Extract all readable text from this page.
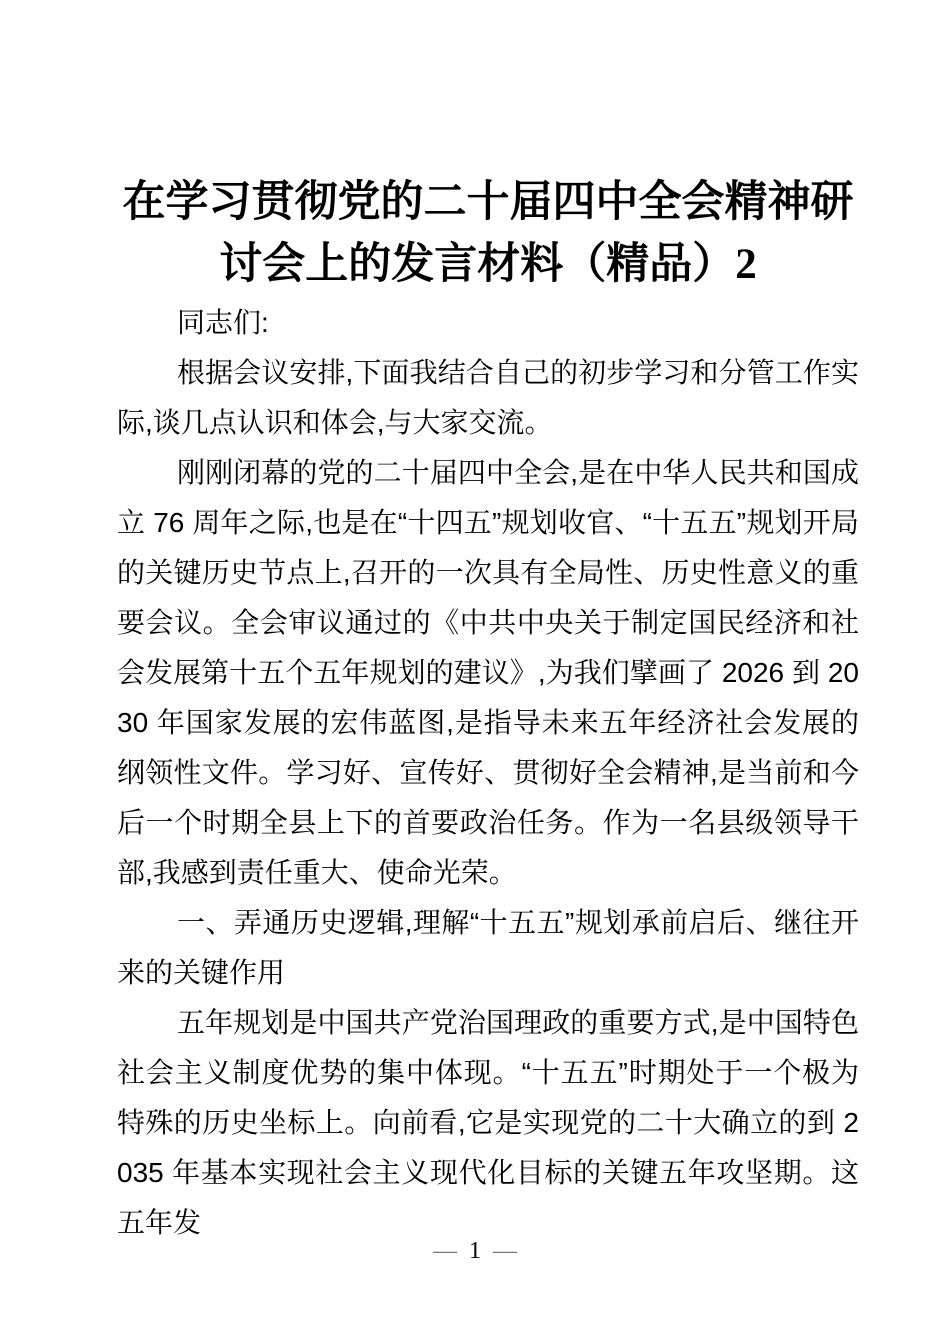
在学习贯彻党的二十届四中全会精神研讨会上的发言材料（精品）2

同志们:

根据会议安排,下面我结合自己的初步学习和分管工作实际,谈几点认识和体会,与大家交流。

刚刚闭幕的党的二十届四中全会,是在中华人民共和国成立 76 周年之际,也是在“十四五”规划收官、“十五五”规划开局的关键历史节点上,召开的一次具有全局性、历史性意义的重要会议。全会审议通过的《中共中央关于制定国民经济和社会发展第十五个五年规划的建议》,为我们擘画了 2026 到 2030 年国家发展的宏伟蓝图,是指导未来五年经济社会发展的纲领性文件。学习好、宣传好、贯彻好全会精神,是当前和今后一个时期全县上下的首要政治任务。作为一名县级领导干部,我感到责任重大、使命光荣。

一、弄通历史逻辑,理解“十五五”规划承前启后、继往开来的关键作用

五年规划是中国共产党治国理政的重要方式,是中国特色社会主义制度优势的集中体现。“十五五”时期处于一个极为特殊的历史坐标上。向前看,它是实现党的二十大确立的到 2035 年基本实现社会主义现代化目标的关键五年攻坚期。这五年发

— 1 —
